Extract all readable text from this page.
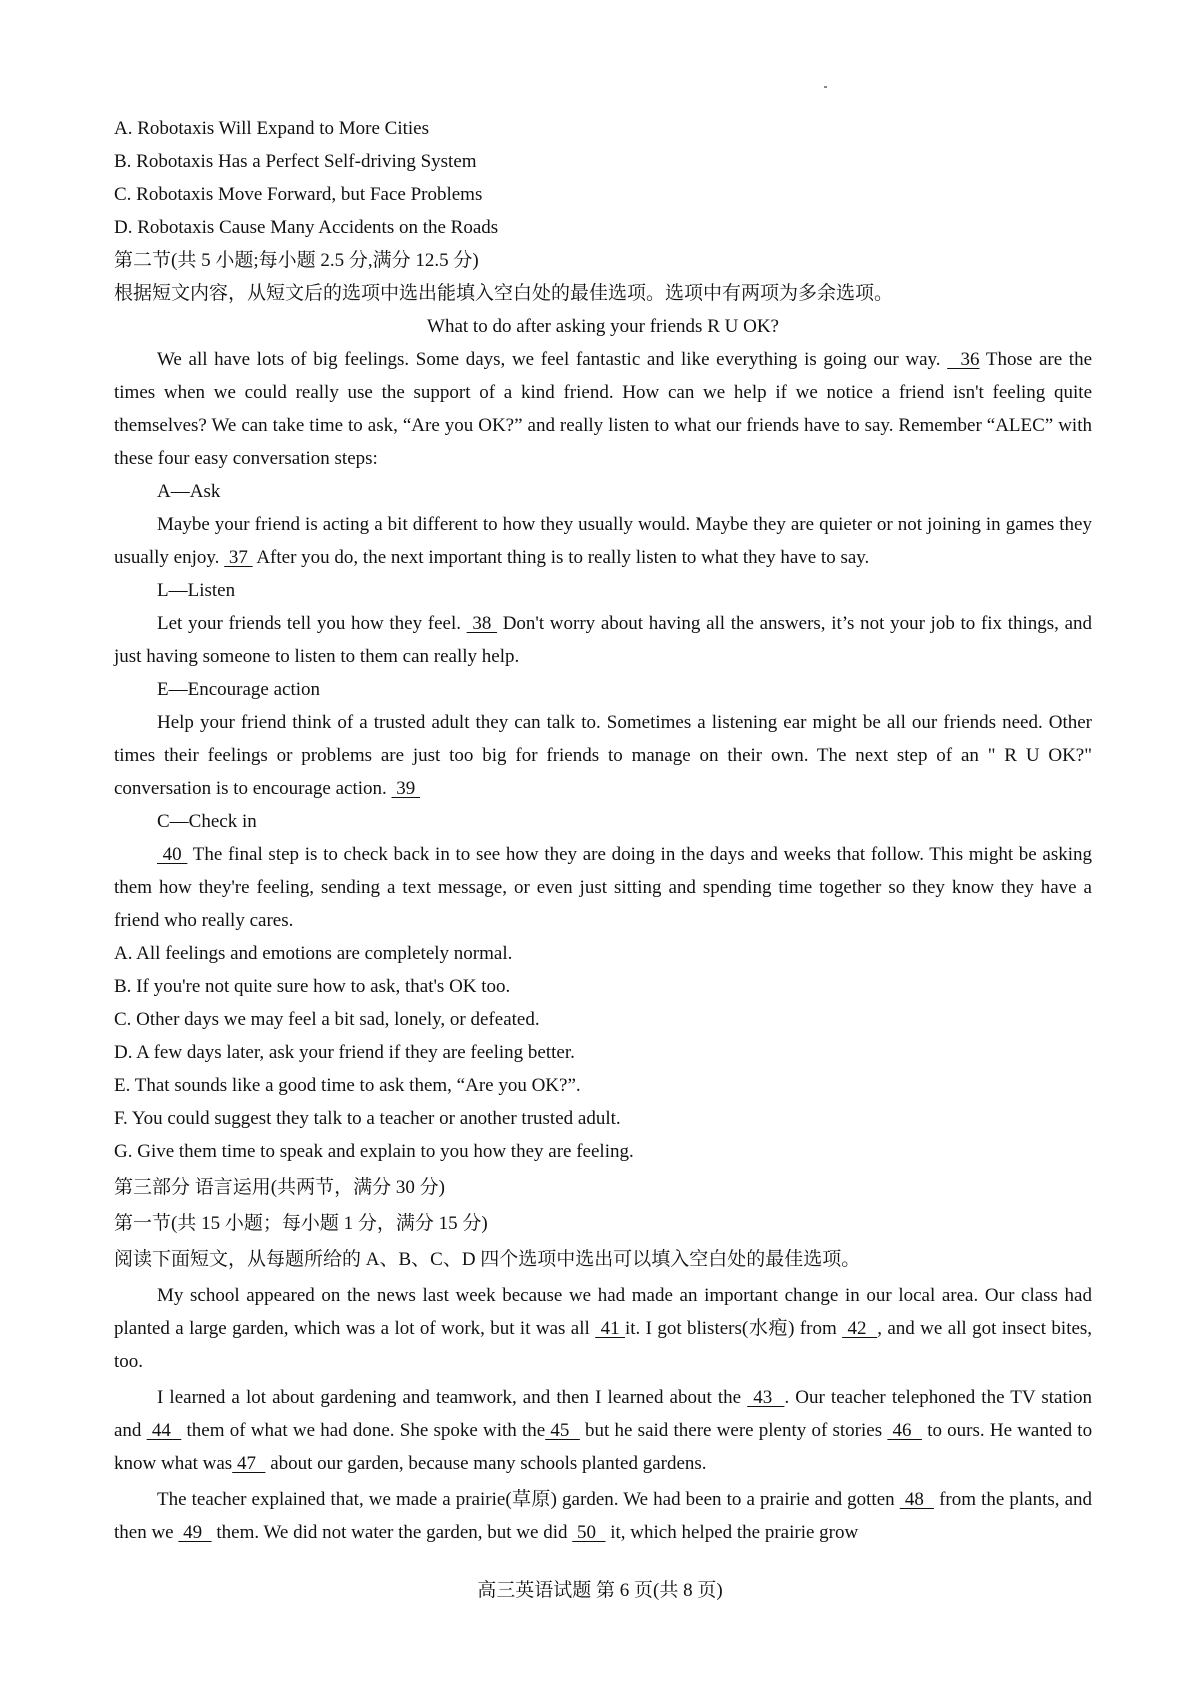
A. Robotaxis Will Expand to More Cities

B. Robotaxis Has a Perfect Self-driving System

C. Robotaxis Move Forward, but Face Problems

D. Robotaxis Cause Many Accidents on the Roads

第二节(共 5 小题;每小题 2.5 分,满分 12.5 分)

根据短文内容，从短文后的选项中选出能填入空白处的最佳选项。选项中有两项为多余选项。

What to do after asking your friends R U OK?

We all have lots of big feelings. Some days, we feel fantastic and like everything is going our way.   36 Those are the times when we could really use the support of a kind friend. How can we help if we notice a friend isn't feeling quite themselves? We can take time to ask, “Are you OK?” and really listen to what our friends have to say. Remember “ALEC” with these four easy conversation steps:

A—Ask

Maybe your friend is acting a bit different to how they usually would. Maybe they are quieter or not joining in games they usually enjoy.  37  After you do, the next important thing is to really listen to what they have to say.

L—Listen

Let your friends tell you how they feel.  38  Don't worry about having all the answers, it’s not your job to fix things, and just having someone to listen to them can really help.

E—Encourage action

Help your friend think of a trusted adult they can talk to. Sometimes a listening ear might be all our friends need. Other times their feelings or problems are just too big for friends to manage on their own. The next step of an " R U OK?" conversation is to encourage action.  39

C—Check in

40  The final step is to check back in to see how they are doing in the days and weeks that follow. This might be asking them how they're feeling, sending a text message, or even just sitting and spending time together so they know they have a friend who really cares.

A. All feelings and emotions are completely normal.

B. If you're not quite sure how to ask, that's OK too.

C. Other days we may feel a bit sad, lonely, or defeated.

D. A few days later, ask your friend if they are feeling better.

E. That sounds like a good time to ask them, “Are you OK?”.

F. You could suggest they talk to a teacher or another trusted adult.

G. Give them time to speak and explain to you how they are feeling.

第三部分 语言运用(共两节，满分 30 分)

第一节(共 15 小题；每小题 1 分，满分 15 分)

阅读下面短文，从每题所给的 A、B、C、D 四个选项中选出可以填入空白处的最佳选项。

My school appeared on the news last week because we had made an important change in our local area. Our class had planted a large garden, which was a lot of work, but it was all  41 it. I got blisters(水疱) from  42  , and we all got insect bites, too.

I learned a lot about gardening and teamwork, and then I learned about the  43  . Our teacher telephoned the TV station and  44   them of what we had done. She spoke with the 45   but he said there were plenty of stories  46   to ours. He wanted to know what was 47   about our garden, because many schools planted gardens.

The teacher explained that, we made a prairie(草原) garden. We had been to a prairie and gotten  48   from the plants, and then we  49   them. We did not water the garden, but we did  50   it, which helped the prairie grow

高三英语试题 第 6 页(共 8 页)
